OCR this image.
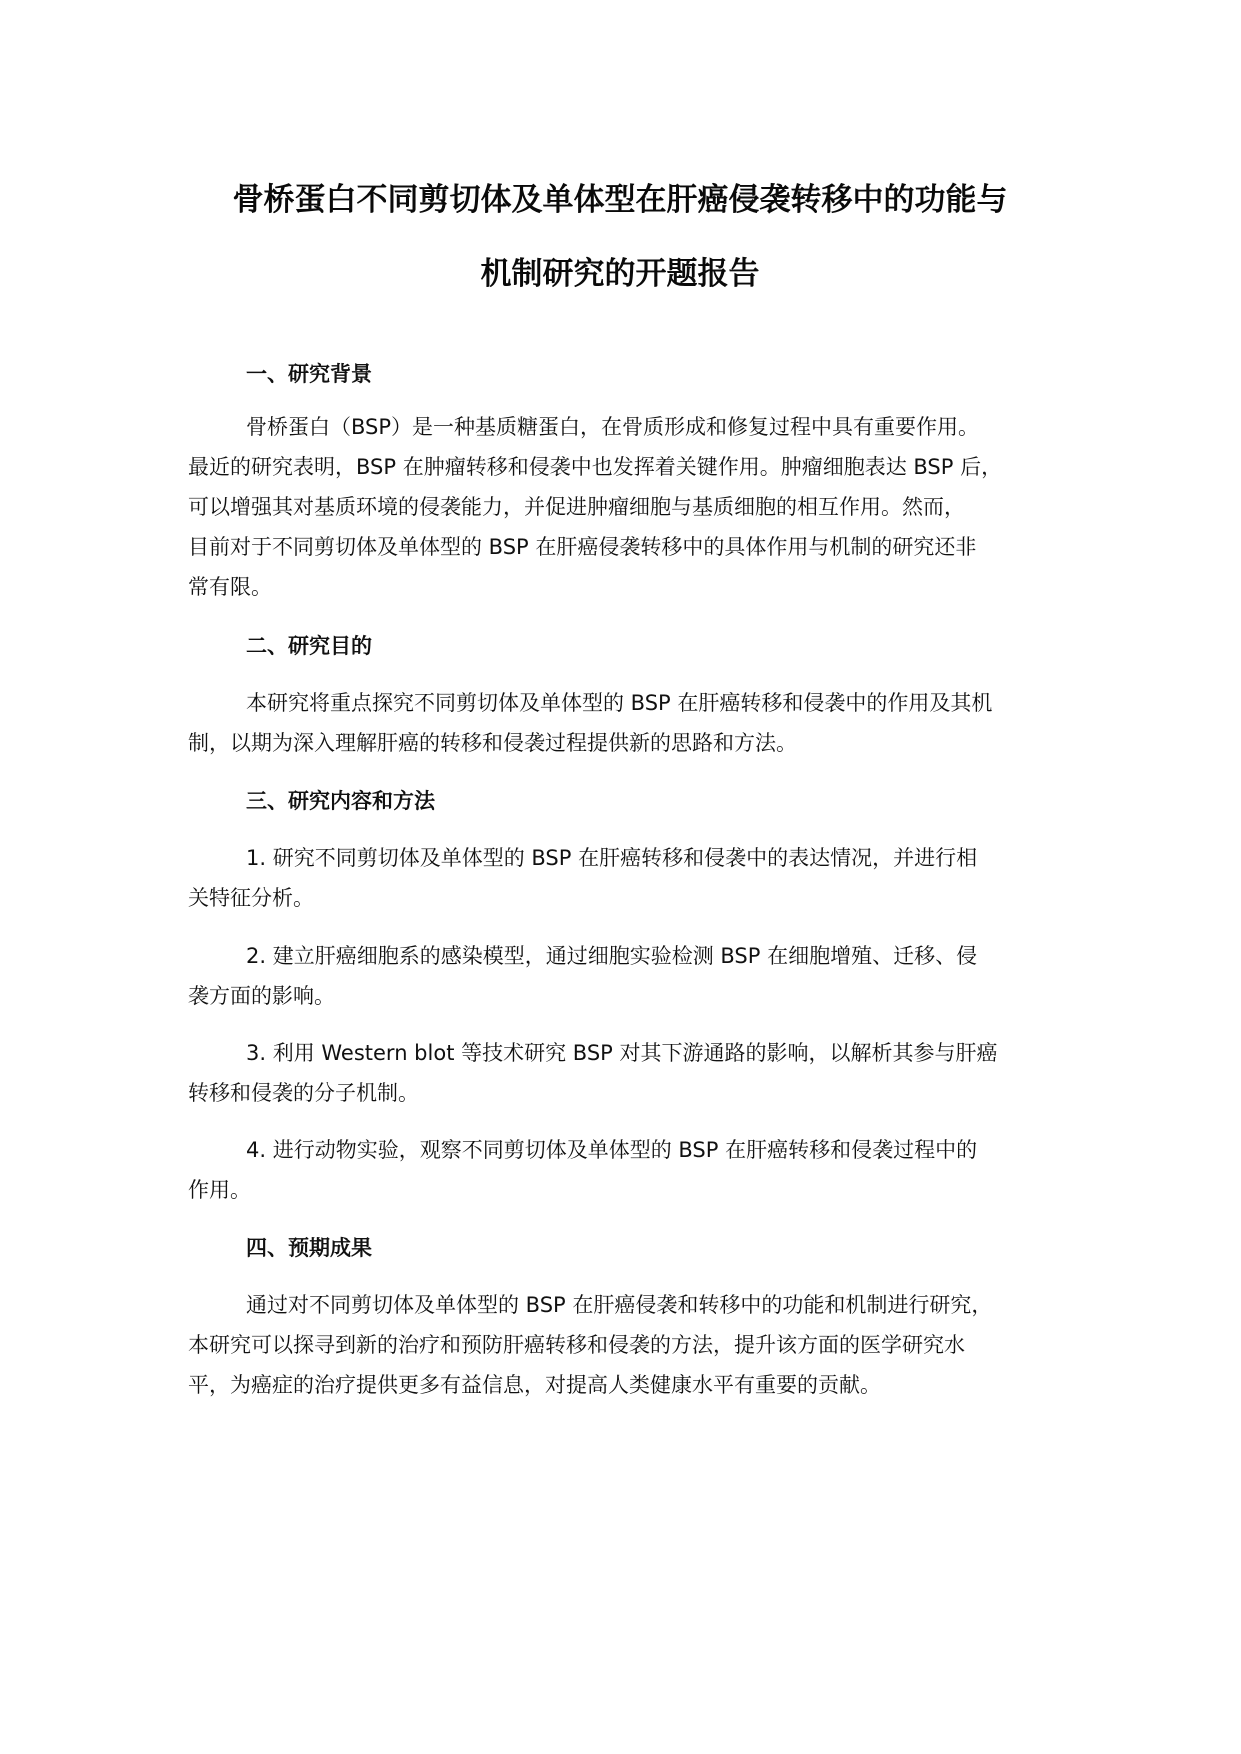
骨桥蛋白不同剪切体及单体型在肝癌侵袭转移中的功能与
机制研究的开题报告
一、研究背景

骨桥蛋白（BSP）是一种基质糖蛋白，在骨质形成和修复过程中具有重要作用。
最近的研究表明，BSP 在肿瘤转移和侵袭中也发挥着关键作用。肿瘤细胞表达 BSP 后，
可以增强其对基质环境的侵袭能力，并促进肿瘤细胞与基质细胞的相互作用。然而，
目前对于不同剪切体及单体型的 BSP 在肝癌侵袭转移中的具体作用与机制的研究还非
常有限。

二、研究目的

本研究将重点探究不同剪切体及单体型的 BSP 在肝癌转移和侵袭中的作用及其机
制，以期为深入理解肝癌的转移和侵袭过程提供新的思路和方法。

三、研究内容和方法

1. 研究不同剪切体及单体型的 BSP 在肝癌转移和侵袭中的表达情况，并进行相
关特征分析。

2. 建立肝癌细胞系的感染模型，通过细胞实验检测 BSP 在细胞增殖、迁移、侵
袭方面的影响。

3. 利用 Western blot 等技术研究 BSP 对其下游通路的影响，以解析其参与肝癌
转移和侵袭的分子机制。

4. 进行动物实验，观察不同剪切体及单体型的 BSP 在肝癌转移和侵袭过程中的
作用。

四、预期成果

通过对不同剪切体及单体型的 BSP 在肝癌侵袭和转移中的功能和机制进行研究，
本研究可以探寻到新的治疗和预防肝癌转移和侵袭的方法，提升该方面的医学研究水
平，为癌症的治疗提供更多有益信息，对提高人类健康水平有重要的贡献。
